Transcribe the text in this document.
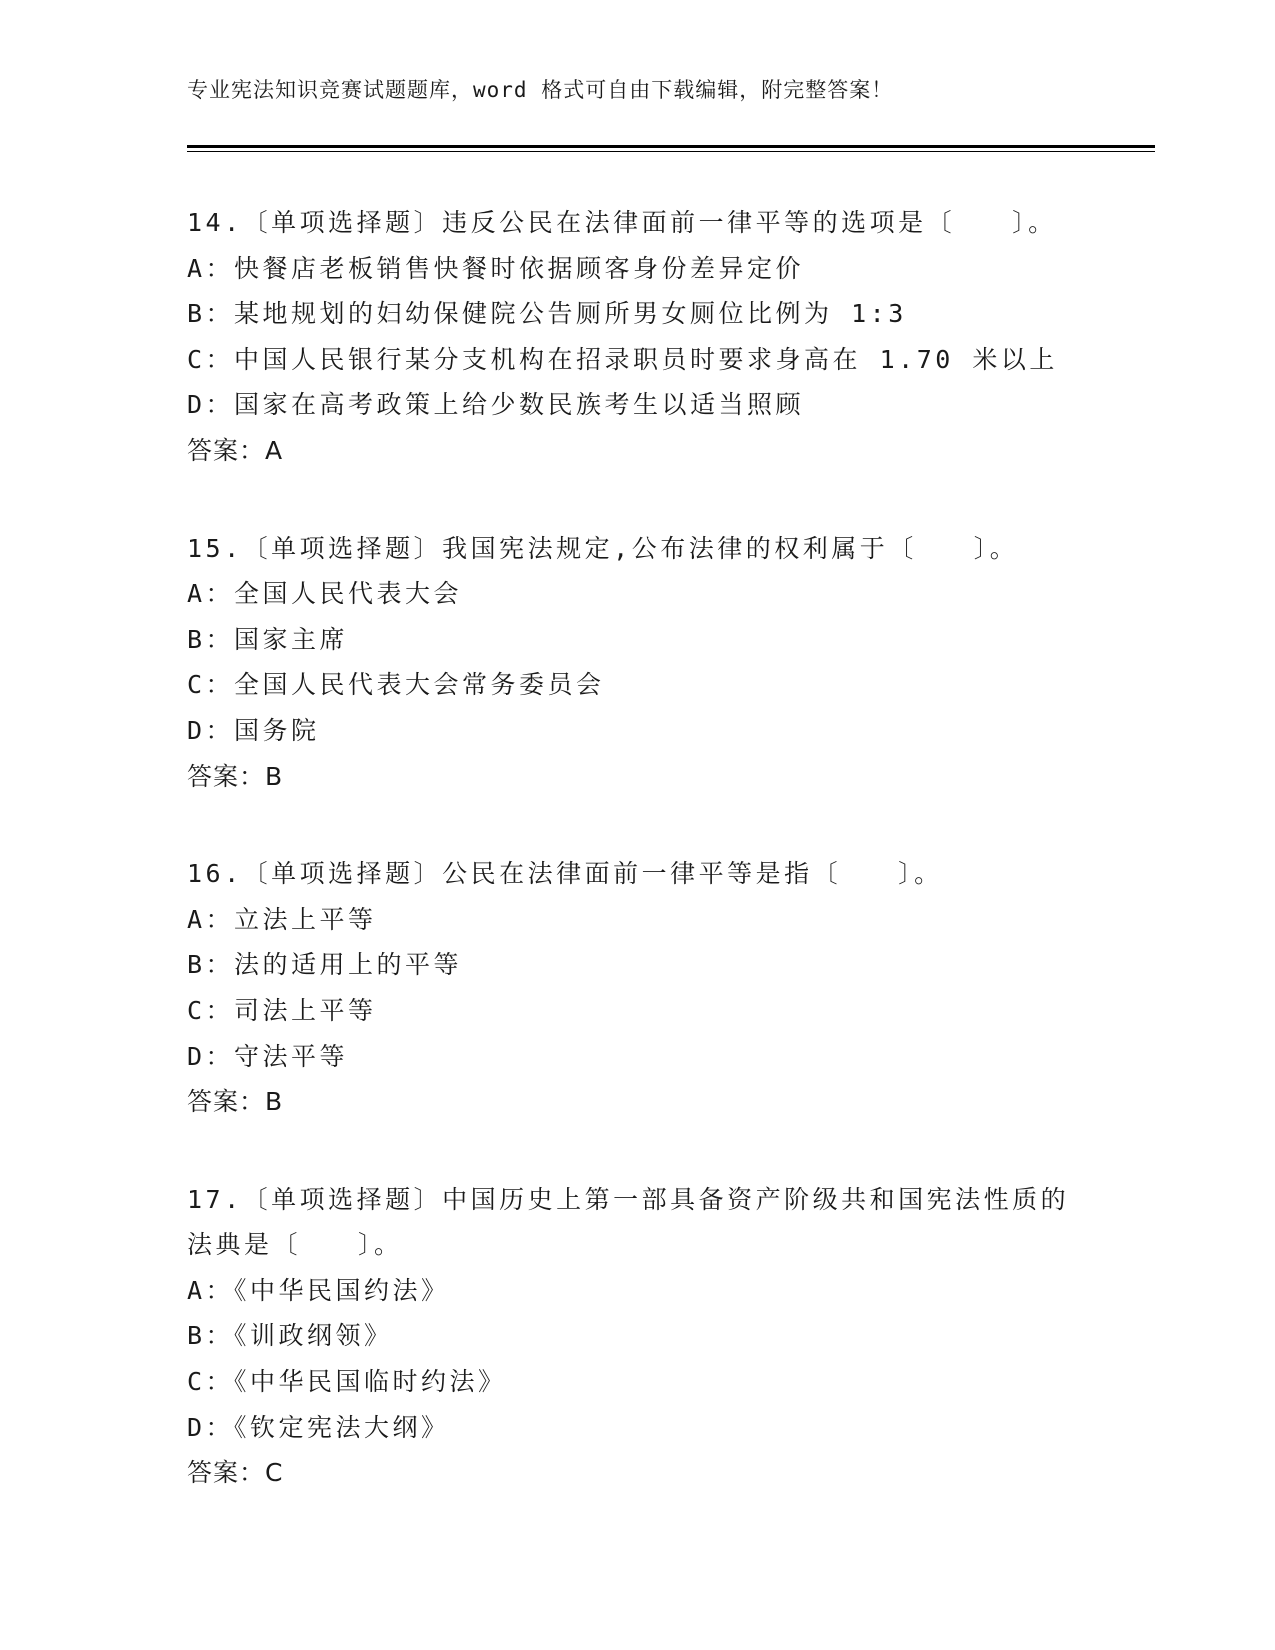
专业宪法知识竞赛试题题库，word 格式可自由下载编辑，附完整答案！
14.〔单项选择题〕违反公民在法律面前一律平等的选项是〔　　〕。
A：快餐店老板销售快餐时依据顾客身份差异定价
B：某地规划的妇幼保健院公告厕所男女厕位比例为 1:3
C：中国人民银行某分支机构在招录职员时要求身高在 1.70 米以上
D：国家在高考政策上给少数民族考生以适当照顾
答案：A
15.〔单项选择题〕我国宪法规定,公布法律的权利属于〔　　〕。
A：全国人民代表大会
B：国家主席
C：全国人民代表大会常务委员会
D：国务院
答案：B
16.〔单项选择题〕公民在法律面前一律平等是指〔　　〕。
A：立法上平等
B：法的适用上的平等
C：司法上平等
D：守法平等
答案：B
17.〔单项选择题〕中国历史上第一部具备资产阶级共和国宪法性质的
法典是〔　　〕。
A：《中华民国约法》
B：《训政纲领》
C：《中华民国临时约法》
D：《钦定宪法大纲》
答案：C
